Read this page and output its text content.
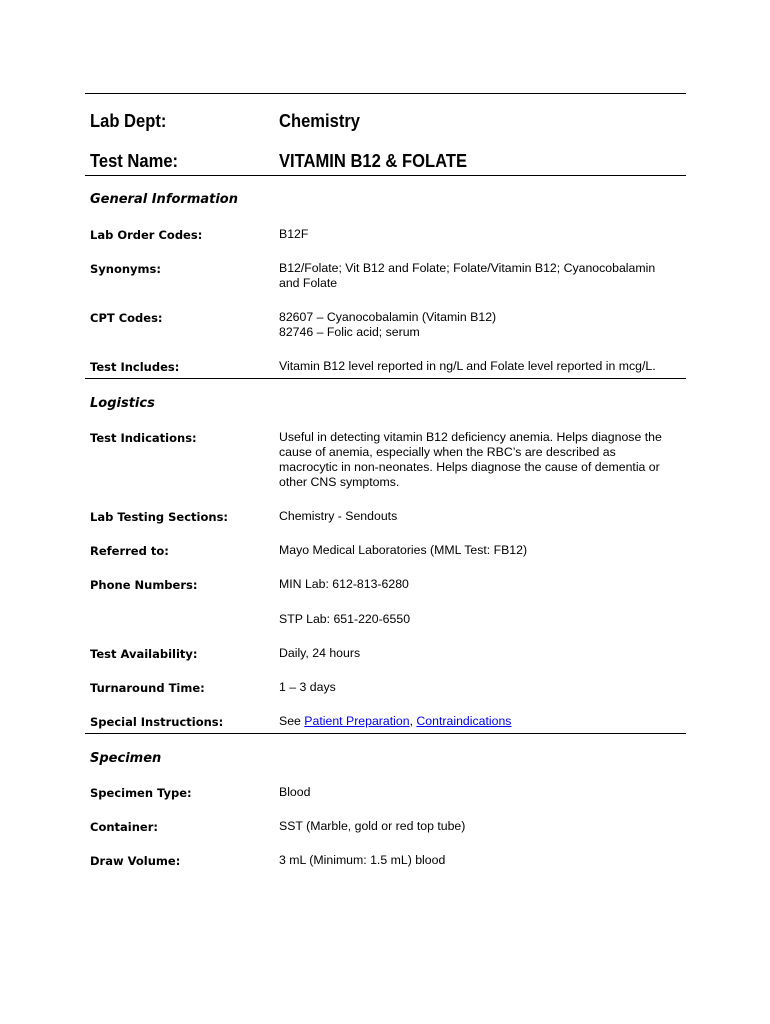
Lab Dept:	Chemistry
Test Name:	VITAMIN B12 & FOLATE
General Information
Lab Order Codes:	B12F
Synonyms:	B12/Folate; Vit B12 and Folate; Folate/Vitamin B12; Cyanocobalamin
and Folate
CPT Codes:	82607 – Cyanocobalamin (Vitamin B12)
82746 – Folic acid; serum
Test Includes:	Vitamin B12 level reported in ng/L and Folate level reported in mcg/L.
Logistics
Test Indications:	Useful in detecting vitamin B12 deficiency anemia. Helps diagnose the
cause of anemia, especially when the RBC’s are described as
macrocytic in non-neonates. Helps diagnose the cause of dementia or
other CNS symptoms.
Lab Testing Sections:	Chemistry - Sendouts
Referred to:	Mayo Medical Laboratories (MML Test: FB12)
Phone Numbers:	MIN Lab: 612-813-6280
STP Lab: 651-220-6550
Test Availability:	Daily, 24 hours
Turnaround Time:	1 – 3 days
Special Instructions:	See Patient Preparation, Contraindications
Specimen
Specimen Type:	Blood
Container:	SST (Marble, gold or red top tube)
Draw Volume:	3 mL (Minimum: 1.5 mL) blood
